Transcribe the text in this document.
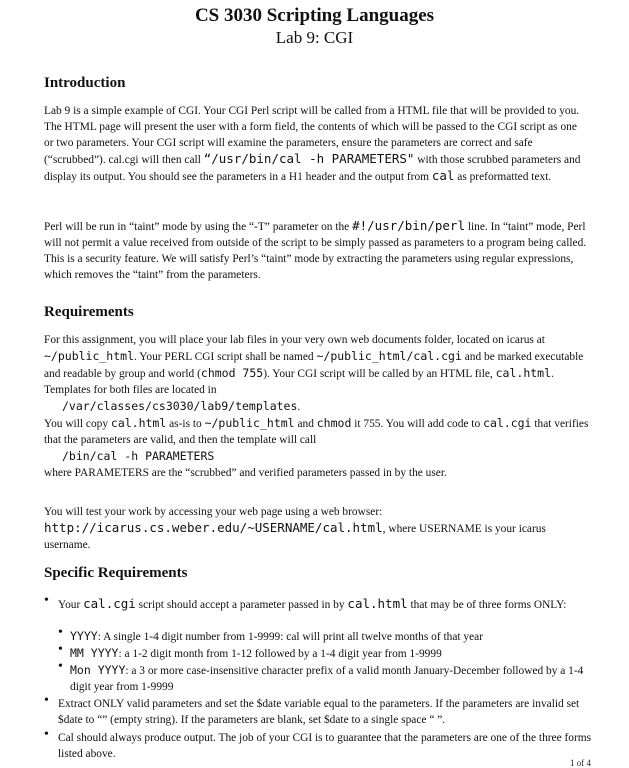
CS 3030 Scripting Languages
Lab 9: CGI
Introduction
Lab 9 is a simple example of CGI. Your CGI Perl script will be called from a HTML file that will be provided to you. The HTML page will present the user with a form field, the contents of which will be passed to the CGI script as one or two parameters. Your CGI script will examine the parameters, ensure the parameters are correct and safe (“scrubbed”). cal.cgi will then call “/usr/bin/cal -h PARAMETERS" with those scrubbed parameters and display its output. You should see the parameters in a H1 header and the output from cal as preformatted text.
Perl will be run in “taint” mode by using the “-T” parameter on the #!/usr/bin/perl line. In “taint” mode, Perl will not permit a value received from outside of the script to be simply passed as parameters to a program being called. This is a security feature. We will satisfy Perl’s “taint” mode by extracting the parameters using regular expressions, which removes the “taint” from the parameters.
Requirements
For this assignment, you will place your lab files in your very own web documents folder, located on icarus at ~/public_html. Your PERL CGI script shall be named ~/public_html/cal.cgi and be marked executable and readable by group and world (chmod 755). Your CGI script will be called by an HTML file, cal.html. Templates for both files are located in
/var/classes/cs3030/lab9/templates.
You will copy cal.html as-is to ~/public_html and chmod it 755. You will add code to cal.cgi that verifies that the parameters are valid, and then the template will call
/bin/cal -h PARAMETERS
where PARAMETERS are the “scrubbed” and verified parameters passed in by the user.
You will test your work by accessing your web page using a web browser:
http://icarus.cs.weber.edu/~USERNAME/cal.html, where USERNAME is your icarus username.
Specific Requirements
• Your cal.cgi script should accept a parameter passed in by cal.html that may be of three forms ONLY:
• YYYY: A single 1-4 digit number from 1-9999: cal will print all twelve months of that year
• MM YYYY: a 1-2 digit month from 1-12 followed by a 1-4 digit year from 1-9999
• Mon YYYY: a 3 or more case-insensitive character prefix of a valid month January-December followed by a 1-4 digit year from 1-9999
• Extract ONLY valid parameters and set the $date variable equal to the parameters. If the parameters are invalid set $date to “” (empty string). If the parameters are blank, set $date to a single space “ ”.
• Cal should always produce output. The job of your CGI is to guarantee that the parameters are one of the three forms listed above.
1 of 4
